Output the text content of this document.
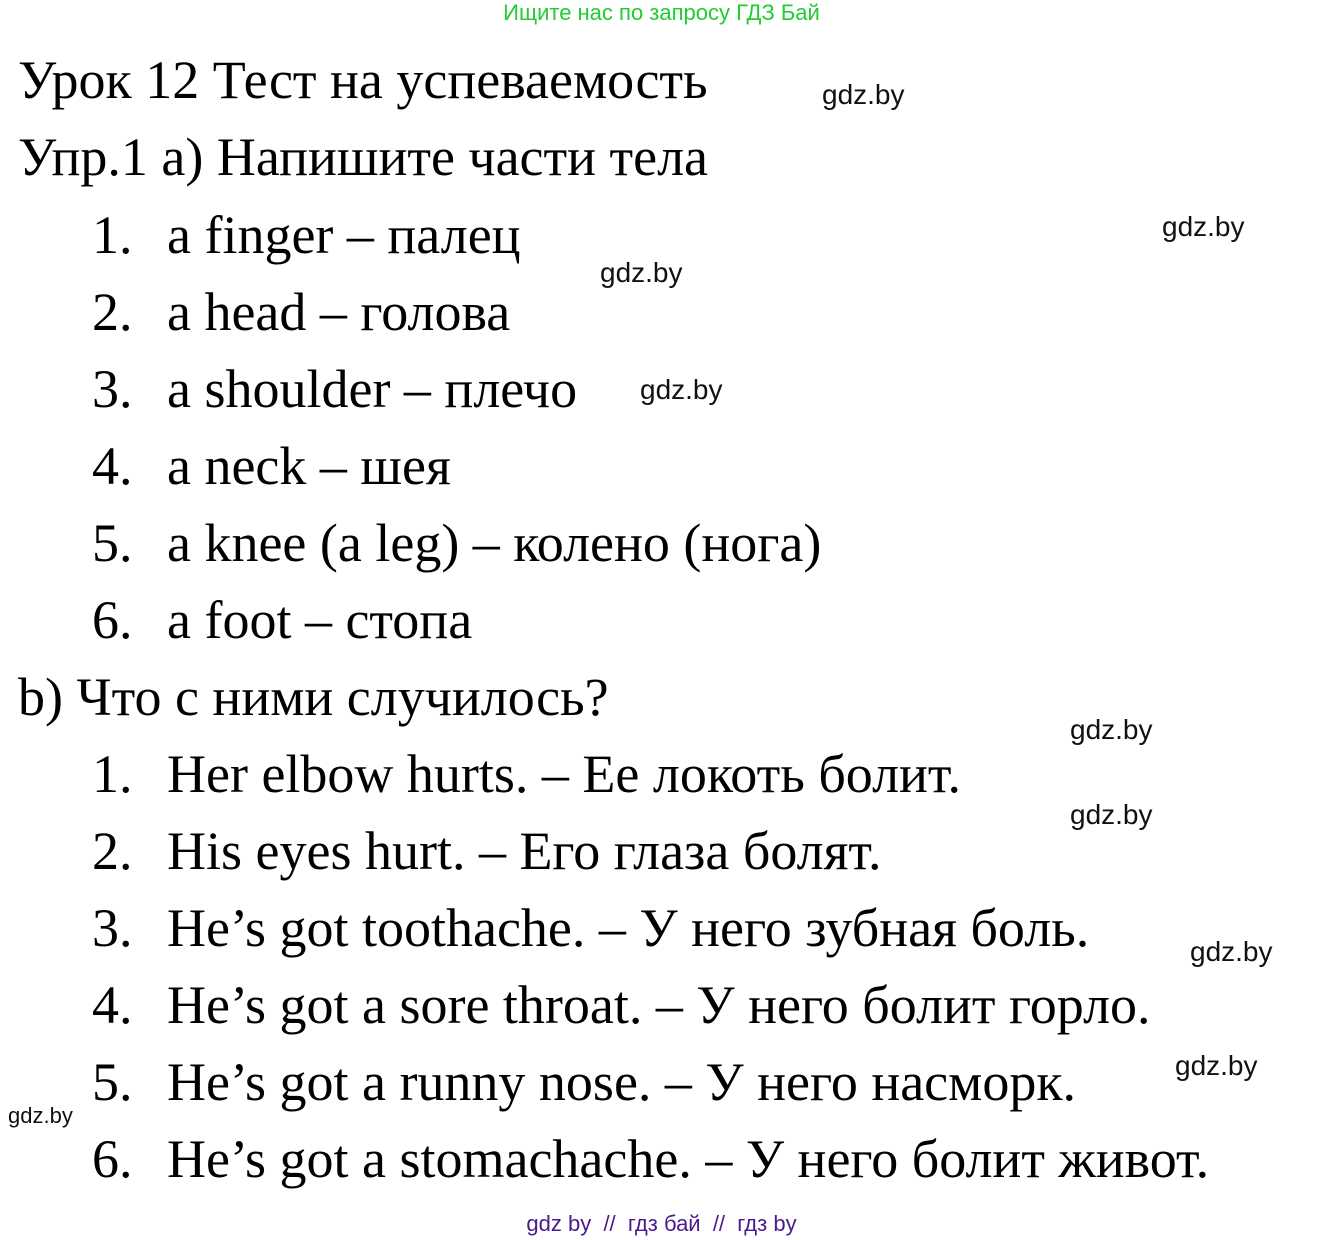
Ищите нас по запросу ГДЗ Бай
Урок 12 Тест на успеваемость
Упр.1 а) Напишите части тела
1. a finger – палец
2. a head – голова
3. a shoulder – плечо
4. a neck – шея
5. a knee (a leg) – колено (нога)
6. a foot – стопа
b) Что с ними случилось?
1. Her elbow hurts. – Ее локоть болит.
2. His eyes hurt. – Его глаза болят.
3. He’s got toothache. – У него зубная боль.
4. He’s got a sore throat. – У него болит горло.
5. He’s got a runny nose. – У него насморк.
6. He’s got a stomachache. – У него болит живот.
gdz.by
gdz.by
gdz.by
gdz.by
gdz.by
gdz.by
gdz.by
gdz.by
gdz.by
gdz by  //  гдз бай  //  гдз by
